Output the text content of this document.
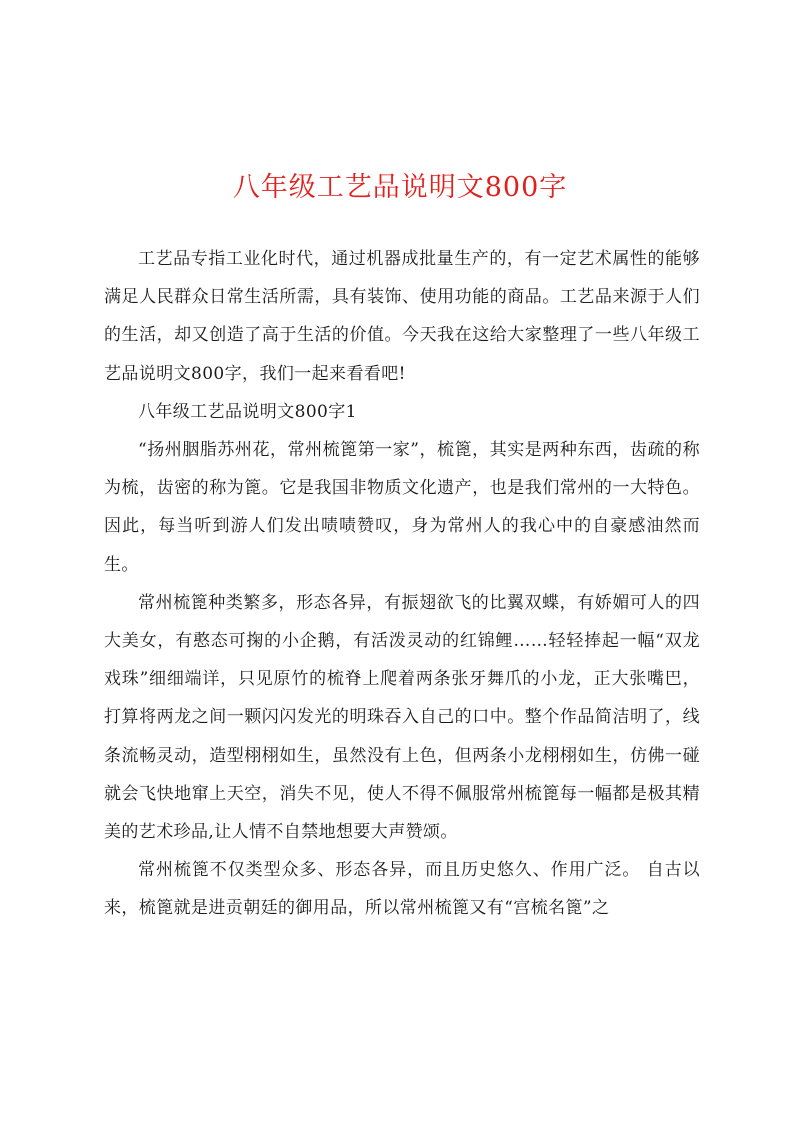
八年级工艺品说明文800字

工艺品专指工业化时代，通过机器成批量生产的，有一定艺术属性的能够满足人民群众日常生活所需，具有装饰、使用功能的商品。工艺品来源于人们的生活，却又创造了高于生活的价值。今天我在这给大家整理了一些八年级工艺品说明文800字，我们一起来看看吧!

八年级工艺品说明文800字1

“扬州胭脂苏州花，常州梳篦第一家”，梳篦，其实是两种东西，齿疏的称为梳，齿密的称为篦。它是我国非物质文化遗产，也是我们常州的一大特色。因此，每当听到游人们发出啧啧赞叹，身为常州人的我心中的自豪感油然而生。

常州梳篦种类繁多，形态各异，有振翅欲飞的比翼双蝶，有娇媚可人的四大美女，有憨态可掬的小企鹅，有活泼灵动的红锦鲤……轻轻捧起一幅“双龙戏珠”细细端详，只见原竹的梳脊上爬着两条张牙舞爪的小龙，正大张嘴巴，打算将两龙之间一颗闪闪发光的明珠吞入自己的口中。整个作品简洁明了，线条流畅灵动，造型栩栩如生，虽然没有上色，但两条小龙栩栩如生，仿佛一碰就会飞快地窜上天空，消失不见，使人不得不佩服常州梳篦每一幅都是极其精美的艺术珍品,让人情不自禁地想要大声赞颂。

常州梳篦不仅类型众多、形态各异，而且历史悠久、作用广泛。 自古以来，梳篦就是进贡朝廷的御用品，所以常州梳篦又有“宫梳名篦”之
